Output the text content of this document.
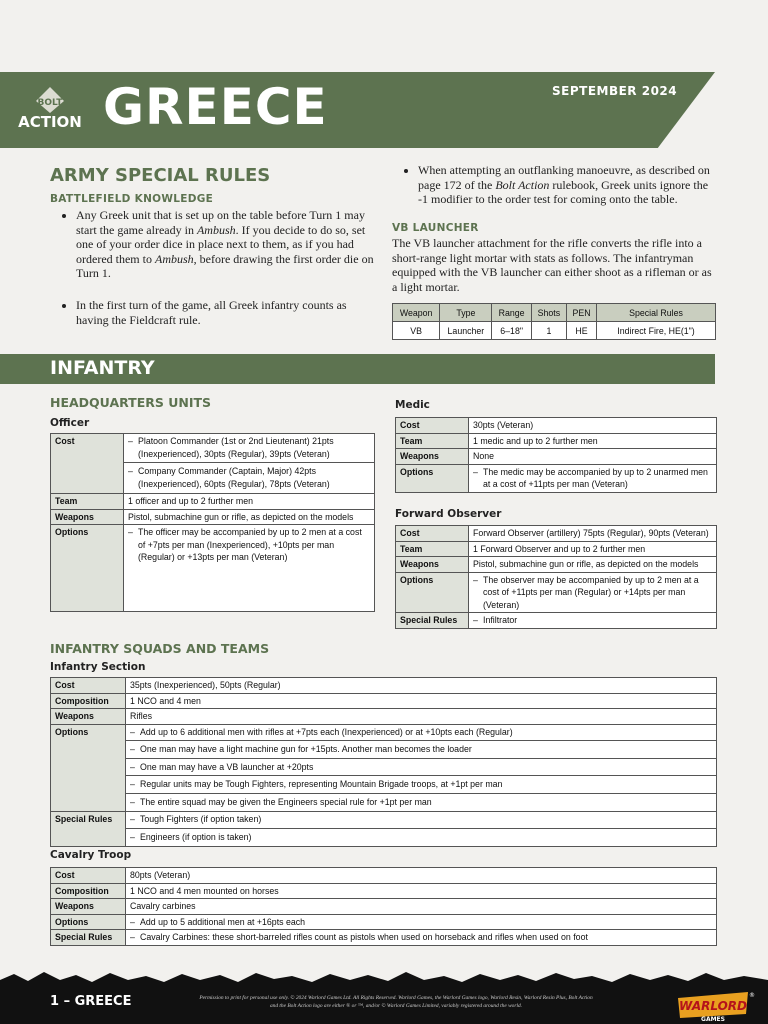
BOLT
ACTION GREECE	SEPTEMBER 2024
ARMY SPECIAL RULES
BATTLEFIELD KNOWLEDGE
• Any Greek unit that is set up on the table before Turn 1 may start the game already in Ambush. If you decide to do so, set one of your order dice in place next to them, as if you had ordered them to Ambush, before drawing the first order die on Turn 1.
• In the first turn of the game, all Greek infantry counts as having the Fieldcraft rule.
• When attempting an outflanking manoeuvre, as described on page 172 of the Bolt Action rulebook, Greek units ignore the -1 modifier to the order test for coming onto the table.
VB LAUNCHER
The VB launcher attachment for the rifle converts the rifle into a short-range light mortar with stats as follows. The infantryman equipped with the VB launcher can either shoot as a rifleman or as a light mortar.
Weapon	Type	Range	Shots	PEN	Special Rules
VB	Launcher	6–18"	1	HE	Indirect Fire, HE(1")
INFANTRY
HEADQUARTERS UNITS
Officer
Cost	– Platoon Commander (1st or 2nd Lieutenant) 21pts (Inexperienced), 30pts (Regular), 39pts (Veteran)
– Company Commander (Captain, Major) 42pts (Inexperienced), 60pts (Regular), 78pts (Veteran)

Team	1 officer and up to 2 further men
Weapons	Pistol, submachine gun or rifle, as depicted on the models
Options	– The officer may be accompanied by up to 2 men at a cost of +7pts per man (Inexperienced), +10pts per man (Regular) or +13pts per man (Veteran)
Medic
Cost	30pts (Veteran)
Team	1 medic and up to 2 further men
Weapons	None
Options	– The medic may be accompanied by up to 2 unarmed men at a cost of +11pts per man (Veteran)
Forward Observer
Cost	Forward Observer (artillery) 75pts (Regular), 90pts (Veteran)
Team	1 Forward Observer and up to 2 further men
Weapons	Pistol, submachine gun or rifle, as depicted on the models
Options	– The observer may be accompanied by up to 2 men at a cost of +11pts per man (Regular) or +14pts per man (Veteran)

Special Rules	– Infiltrator
INFANTRY SQUADS AND TEAMS
Infantry Section
Cost	35pts (Inexperienced), 50pts (Regular)
Composition	1 NCO and 4 men
Weapons	Rifles
Options	– Add up to 6 additional men with rifles at +7pts each (Inexperienced) or at +10pts each (Regular)
– One man may have a light machine gun for +15pts. Another man becomes the loader
– One man may have a VB launcher at +20pts
– Regular units may be Tough Fighters, representing Mountain Brigade troops, at +1pt per man
– The entire squad may be given the Engineers special rule for +1pt per man

Special Rules	– Tough Fighters (if option taken)
– Engineers (if option is taken)
Cavalry Troop
Cost	80pts (Veteran)
Composition	1 NCO and 4 men mounted on horses
Weapons	Cavalry carbines
Options	– Add up to 5 additional men at +16pts each

Special Rules	– Cavalry Carbines: these short-barreled rifles count as pistols when used on horseback and rifles when used on foot
1 – GREECE	Permission to print for personal use only. © 2024 Warlord Games Ltd. All Rights Reserved. Warlord Games, the Warlord Games logo, Warlord Resin, Warlord Resin Plus, Bolt Action and the Bolt Action logo are either ® or ™, and/or © Warlord Games Limited, variably registered around the world.	WARLORD
GAMES
®
